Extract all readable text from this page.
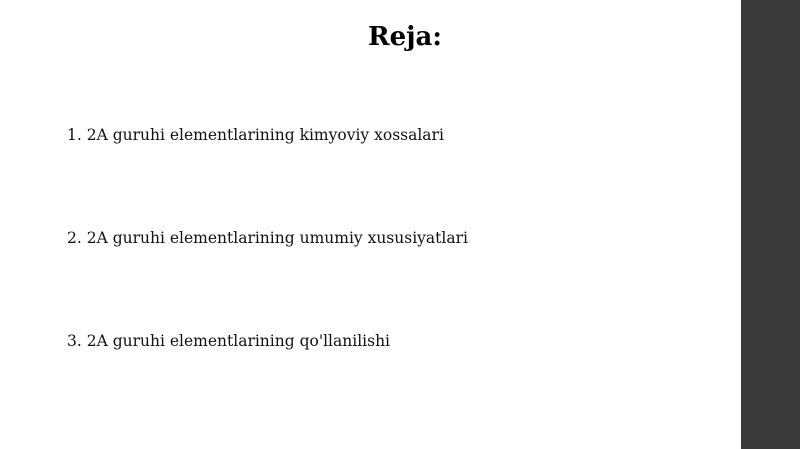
Reja:
1. 2A guruhi elementlarining kimyoviy xossalari
2. 2A guruhi elementlarining umumiy xususiyatlari
3. 2A guruhi elementlarining qo'llanilishi
